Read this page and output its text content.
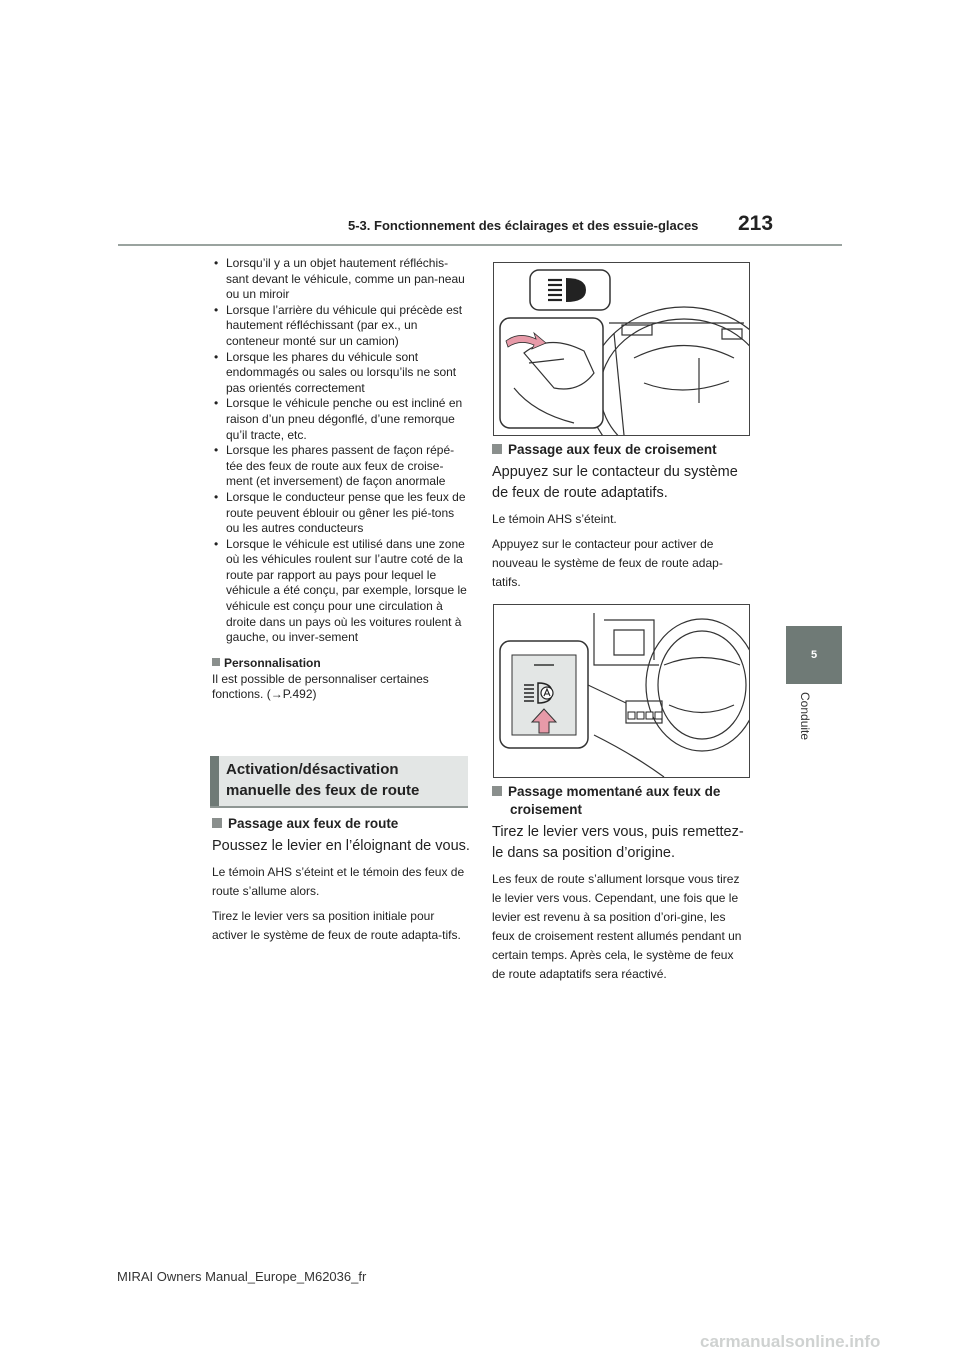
5-3. Fonctionnement des éclairages et des essuie-glaces 213
5
Conduite
• Lorsqu’il y a un objet hautement réfléchis-sant devant le véhicule, comme un pan-neau ou un miroir
• Lorsque l’arrière du véhicule qui précède est hautement réfléchissant (par ex., un conteneur monté sur un camion)
• Lorsque les phares du véhicule sont endommagés ou sales ou lorsqu’ils ne sont pas orientés correctement
• Lorsque le véhicule penche ou est incliné en raison d’un pneu dégonflé, d’une remorque qu’il tracte, etc.
• Lorsque les phares passent de façon répé-tée des feux de route aux feux de croise-ment (et inversement) de façon anormale
• Lorsque le conducteur pense que les feux de route peuvent éblouir ou gêner les pié-tons ou les autres conducteurs
• Lorsque le véhicule est utilisé dans une zone où les véhicules roulent sur l’autre coté de la route par rapport au pays pour lequel le véhicule a été conçu, par exemple, lorsque le véhicule est conçu pour une circulation à droite dans un pays où les voitures roulent à gauche, ou inver-sement
Personnalisation
Il est possible de personnaliser certaines fonctions. (→P.492)
Activation/désactivation
manuelle des feux de route
Passage aux feux de route
Poussez le levier en l’éloignant de vous.
Le témoin AHS s’éteint et le témoin des feux de route s’allume alors.
Tirez le levier vers sa position initiale pour activer le système de feux de route adapta-tifs.
Passage aux feux de croisement
Appuyez sur le contacteur du système de feux de route adaptatifs.
Le témoin AHS s’éteint.
Appuyez sur le contacteur pour activer de nouveau le système de feux de route adap-tatifs.
Passage momentané aux feux de croisement
Tirez le levier vers vous, puis remettez-le dans sa position d’origine.
Les feux de route s’allument lorsque vous tirez le levier vers vous. Cependant, une fois que le levier est revenu à sa position d’ori-gine, les feux de croisement restent allumés pendant un certain temps. Après cela, le système de feux de route adaptatifs sera réactivé.
MIRAI Owners Manual_Europe_M62036_fr
carmanualsonline.info
